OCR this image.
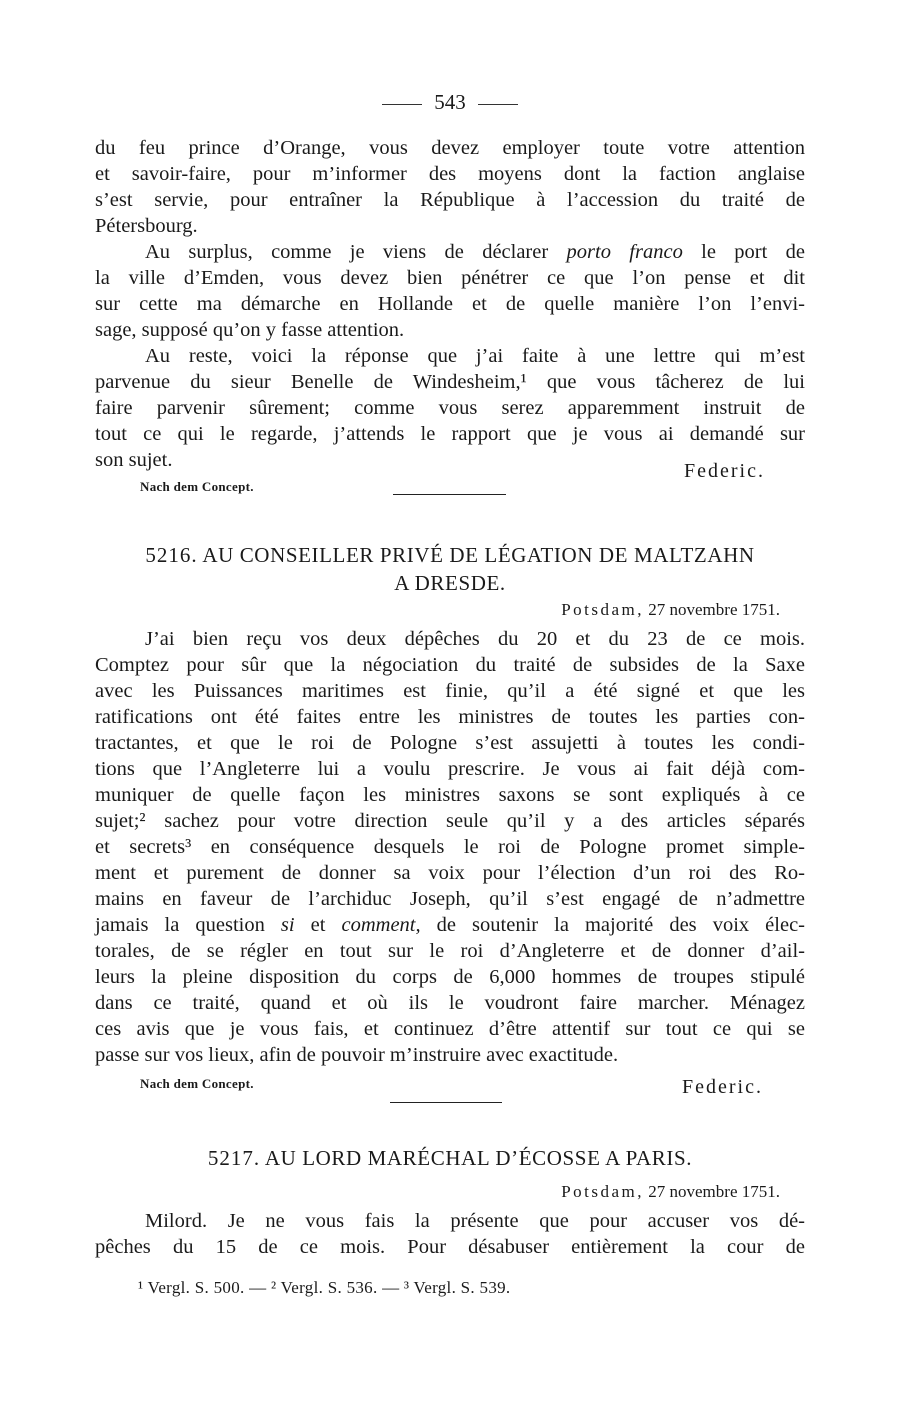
543
du feu prince d’Orange, vous devez employer toute votre attention
et savoir-faire, pour m’informer des moyens dont la faction anglaise
s’est servie, pour entraîner la République à l’accession du traité de
Pétersbourg.
Au surplus, comme je viens de déclarer porto franco le port de
la ville d’Emden, vous devez bien pénétrer ce que l’on pense et dit
sur cette ma démarche en Hollande et de quelle manière l’on l’envi-
sage, supposé qu’on y fasse attention.
Au reste, voici la réponse que j’ai faite à une lettre qui m’est
parvenue du sieur Benelle de Windesheim,¹ que vous tâcherez de lui
faire parvenir sûrement; comme vous serez apparemment instruit de
tout ce qui le regarde, j’attends le rapport que je vous ai demandé sur
son sujet.	Federic.
Nach dem Concept.
5216. AU CONSEILLER PRIVÉ DE LÉGATION DE MALTZAHN
A DRESDE.
Potsdam, 27 novembre 1751.
J’ai bien reçu vos deux dépêches du 20 et du 23 de ce mois.
Comptez pour sûr que la négociation du traité de subsides de la Saxe
avec les Puissances maritimes est finie, qu’il a été signé et que les
ratifications ont été faites entre les ministres de toutes les parties con-
tractantes, et que le roi de Pologne s’est assujetti à toutes les condi-
tions que l’Angleterre lui a voulu prescrire. Je vous ai fait déjà com-
muniquer de quelle façon les ministres saxons se sont expliqués à ce
sujet;² sachez pour votre direction seule qu’il y a des articles séparés
et secrets³ en conséquence desquels le roi de Pologne promet simple-
ment et purement de donner sa voix pour l’élection d’un roi des Ro-
mains en faveur de l’archiduc Joseph, qu’il s’est engagé de n’admettre
jamais la question si et comment, de soutenir la majorité des voix élec-
torales, de se régler en tout sur le roi d’Angleterre et de donner d’ail-
leurs la pleine disposition du corps de 6,000 hommes de troupes stipulé
dans ce traité, quand et où ils le voudront faire marcher. Ménagez
ces avis que je vous fais, et continuez d’être attentif sur tout ce qui se
passe sur vos lieux, afin de pouvoir m’instruire avec exactitude.
Nach dem Concept.	Federic.
5217. AU LORD MARÉCHAL D’ÉCOSSE A PARIS.
Potsdam, 27 novembre 1751.
Milord. Je ne vous fais la présente que pour accuser vos dé-
pêches du 15 de ce mois. Pour désabuser entièrement la cour de
¹ Vergl. S. 500. — ² Vergl. S. 536. — ³ Vergl. S. 539.
